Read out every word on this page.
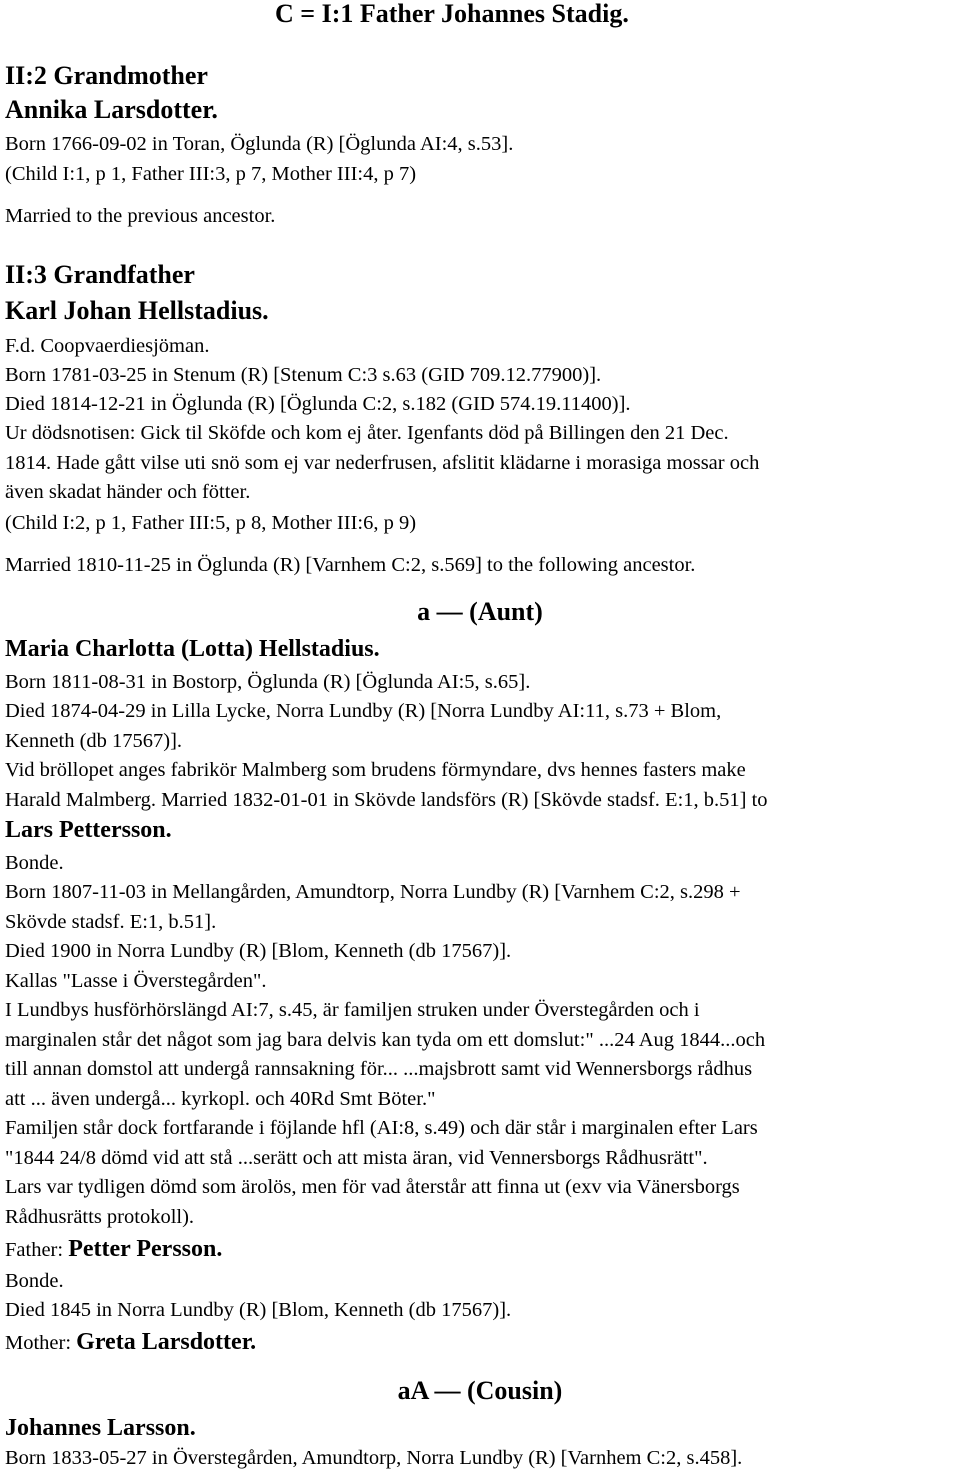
C = I:1 Father Johannes Stadig.
II:2 Grandmother
Annika Larsdotter.
Born 1766-09-02 in Toran, Öglunda (R) [Öglunda AI:4, s.53].
(Child I:1, p 1, Father III:3, p 7, Mother III:4, p 7)
Married to the previous ancestor.
II:3 Grandfather
Karl Johan Hellstadius.
F.d. Coopvaerdiesjöman.
Born 1781-03-25 in Stenum (R) [Stenum C:3 s.63 (GID 709.12.77900)].
Died 1814-12-21 in Öglunda (R) [Öglunda C:2, s.182 (GID 574.19.11400)].
Ur dödsnotisen: Gick til Sköfde och kom ej åter. Igenfants död på Billingen den 21 Dec.
1814. Hade gått vilse uti snö som ej var nederfrusen, afslitit klädarne i morasiga mossar och
även skadat händer och fötter.
(Child I:2, p 1, Father III:5, p 8, Mother III:6, p 9)
Married 1810-11-25 in Öglunda (R) [Varnhem C:2, s.569] to the following ancestor.
a — (Aunt)
Maria Charlotta (Lotta) Hellstadius.
Born 1811-08-31 in Bostorp, Öglunda (R) [Öglunda AI:5, s.65].
Died 1874-04-29 in Lilla Lycke, Norra Lundby (R) [Norra Lundby AI:11, s.73 + Blom,
Kenneth (db 17567)].
Vid bröllopet anges fabrikör Malmberg som brudens förmyndare, dvs hennes fasters make
Harald Malmberg. Married 1832-01-01 in Skövde landsförs (R) [Skövde stadsf. E:1, b.51] to
Lars Pettersson.
Bonde.
Born 1807-11-03 in Mellangården, Amundtorp, Norra Lundby (R) [Varnhem C:2, s.298 +
Skövde stadsf. E:1, b.51].
Died 1900 in Norra Lundby (R) [Blom, Kenneth (db 17567)].
Kallas "Lasse i Överstegården".
I Lundbys husförhörslängd AI:7, s.45, är familjen struken under Överstegården och i
marginalen står det något som jag bara delvis kan tyda om ett domslut:" ...24 Aug 1844...och
till annan domstol att undergå rannsakning för... ...majsbrott samt vid Wennersborgs rådhus
att ... även undergå... kyrkopl. och 40Rd Smt Böter."
Familjen står dock fortfarande i föjlande hfl (AI:8, s.49) och där står i marginalen efter Lars
"1844 24/8 dömd vid att stå ...serätt och att mista äran, vid Vennersborgs Rådhusrätt".
Lars var tydligen dömd som ärolös, men för vad återstår att finna ut (exv via Vänersborgs
Rådhusrätts protokoll).
Father: Petter Persson.
Bonde.
Died 1845 in Norra Lundby (R) [Blom, Kenneth (db 17567)].
Mother: Greta Larsdotter.
aA — (Cousin)
Johannes Larsson.
Born 1833-05-27 in Överstegården, Amundtorp, Norra Lundby (R) [Varnhem C:2, s.458].
